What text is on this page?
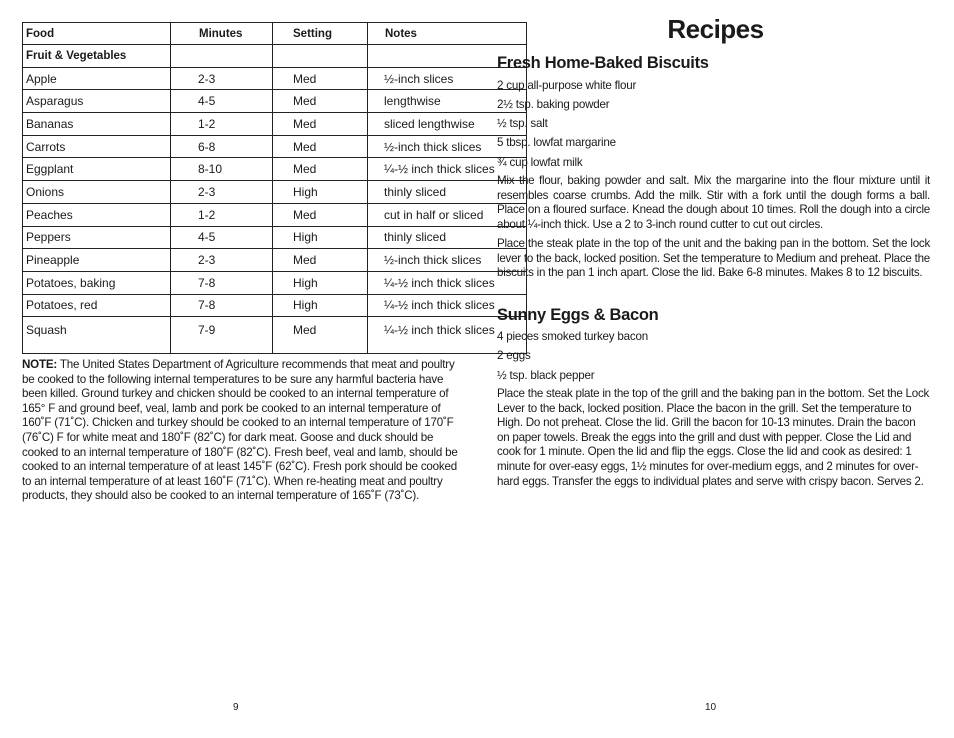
Food	Minutes	Setting	Notes
Fruit & Vegetables			
Apple	2-3	Med	½-inch slices
Asparagus	4-5	Med	lengthwise
Bananas	1-2	Med	sliced lengthwise
Carrots	6-8	Med	½-inch thick slices
Eggplant	8-10	Med	¼-½ inch thick slices
Onions	2-3	High	thinly sliced
Peaches	1-2	Med	cut in half or sliced
Peppers	4-5	High	thinly sliced
Pineapple	2-3	Med	½-inch thick slices
Potatoes, baking	7-8	High	¼-½ inch thick slices
Potatoes, red	7-8	High	¼-½ inch thick slices
Squash	7-9	Med	¼-½ inch thick slices

NOTE: The United States Department of Agriculture recommends that meat and poultry be cooked to the following internal temperatures to be sure any harmful bacteria have been killed. Ground turkey and chicken should be cooked to an internal temperature of 165° F and ground beef, veal, lamb and pork be cooked to an internal temperature of 160˚F (71˚C). Chicken and turkey should be cooked to an internal temperature of 170˚F (76˚C) F for white meat and 180˚F (82˚C) for dark meat. Goose and duck should be cooked to an internal temperature of 180˚F (82˚C). Fresh beef, veal and lamb, should be cooked to an internal temperature of at least 145˚F (62˚C). Fresh pork should be cooked to an internal temperature of at least 160˚F (71˚C). When re-heating meat and poultry products, they should also be cooked to an internal temperature of 165˚F (73˚C).

9
Recipes
Fresh Home-Baked Biscuits

2 cup all-purpose white flour

2½ tsp. baking powder

½ tsp. salt

5 tbsp. lowfat margarine

¾ cup lowfat milk

Mix the flour, baking powder and salt. Mix the margarine into the flour mixture until it resembles coarse crumbs. Add the milk. Stir with a fork until the dough forms a ball. Place on a floured surface. Knead the dough about 10 times. Roll the dough into a circle about ¼-inch thick. Use a 2 to 3-inch round cutter to cut out circles.

Place the steak plate in the top of the unit and the baking pan in the bottom. Set the lock lever to the back, locked position. Set the temperature to Medium and preheat. Place the biscuits in the pan 1 inch apart. Close the lid. Bake 6-8 minutes. Makes 8 to 12 biscuits.

Sunny Eggs & Bacon

4 pieces smoked turkey bacon

2 eggs

½ tsp. black pepper

Place the steak plate in the top of the grill and the baking pan in the bottom. Set the Lock Lever to the back, locked position. Place the bacon in the grill. Set the temperature to High. Do not preheat. Close the lid. Grill the bacon for 10-13 minutes. Drain the bacon on paper towels. Break the eggs into the grill and dust with pepper. Close the Lid and cook for 1 minute. Open the lid and flip the eggs. Close the lid and cook as desired: 1 minute for over-easy eggs, 1½ minutes for over-medium eggs, and 2 minutes for over-hard eggs. Transfer the eggs to individual plates and serve with crispy bacon. Serves 2.

10
